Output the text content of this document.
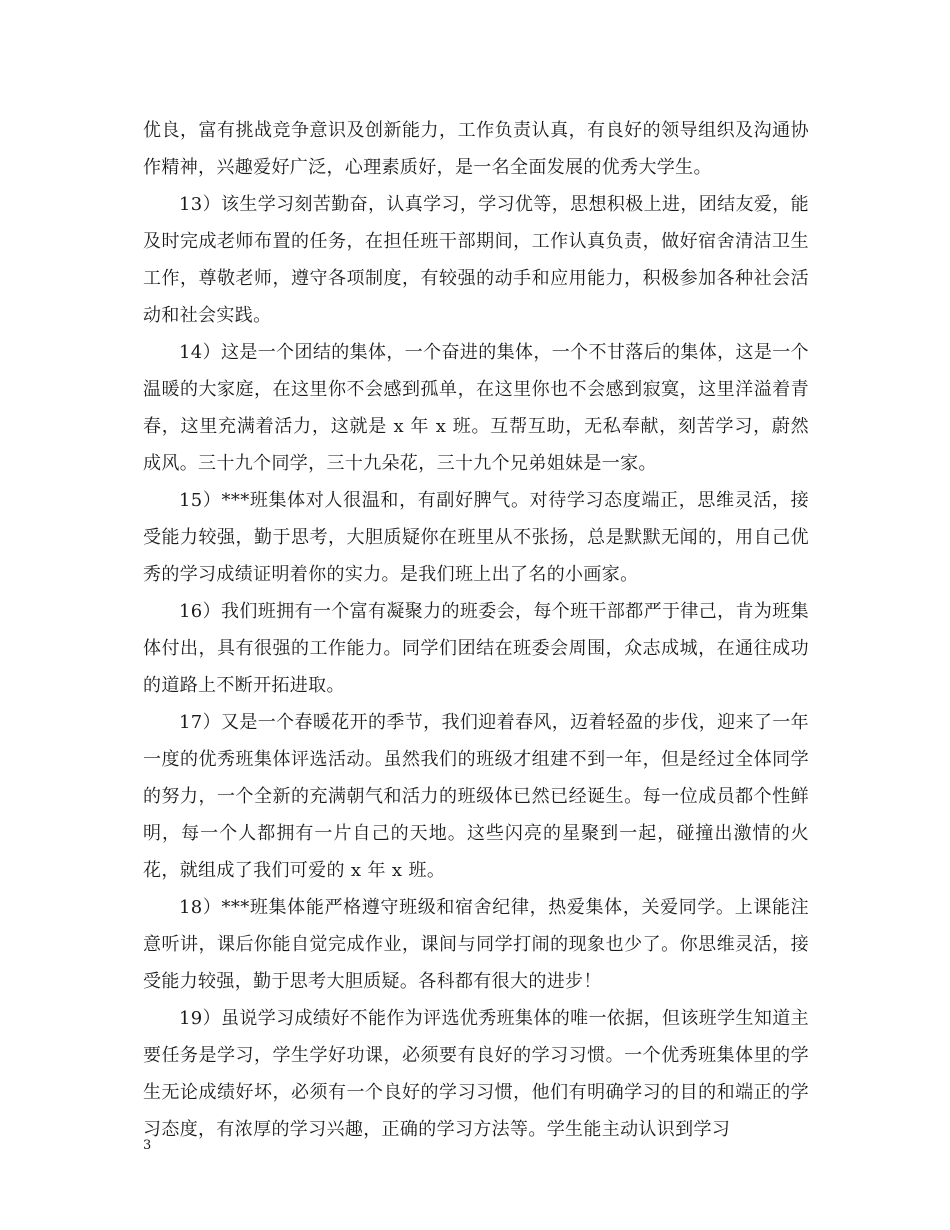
优良，富有挑战竞争意识及创新能力，工作负责认真，有良好的领导组织及沟通协作精神，兴趣爱好广泛，心理素质好，是一名全面发展的优秀大学生。

13）该生学习刻苦勤奋，认真学习，学习优等，思想积极上进，团结友爱，能及时完成老师布置的任务，在担任班干部期间，工作认真负责，做好宿舍清洁卫生工作，尊敬老师，遵守各项制度，有较强的动手和应用能力，积极参加各种社会活动和社会实践。

14）这是一个团结的集体，一个奋进的集体，一个不甘落后的集体，这是一个温暖的大家庭，在这里你不会感到孤单，在这里你也不会感到寂寞，这里洋溢着青春，这里充满着活力，这就是 x 年 x 班。互帮互助，无私奉献，刻苦学习，蔚然成风。三十九个同学，三十九朵花，三十九个兄弟姐妹是一家。

15）***班集体对人很温和，有副好脾气。对待学习态度端正，思维灵活，接受能力较强，勤于思考，大胆质疑你在班里从不张扬，总是默默无闻的，用自己优秀的学习成绩证明着你的实力。是我们班上出了名的小画家。

16）我们班拥有一个富有凝聚力的班委会，每个班干部都严于律己，肯为班集体付出，具有很强的工作能力。同学们团结在班委会周围，众志成城，在通往成功的道路上不断开拓进取。

17）又是一个春暖花开的季节，我们迎着春风，迈着轻盈的步伐，迎来了一年一度的优秀班集体评选活动。虽然我们的班级才组建不到一年，但是经过全体同学的努力，一个全新的充满朝气和活力的班级体已然已经诞生。每一位成员都个性鲜明，每一个人都拥有一片自己的天地。这些闪亮的星聚到一起，碰撞出激情的火花，就组成了我们可爱的 x 年 x 班。

18）***班集体能严格遵守班级和宿舍纪律，热爱集体，关爱同学。上课能注意听讲，课后你能自觉完成作业，课间与同学打闹的现象也少了。你思维灵活，接受能力较强，勤于思考大胆质疑。各科都有很大的进步！

19）虽说学习成绩好不能作为评选优秀班集体的唯一依据，但该班学生知道主要任务是学习，学生学好功课，必须要有良好的学习习惯。一个优秀班集体里的学生无论成绩好坏，必须有一个良好的学习习惯，他们有明确学习的目的和端正的学习态度，有浓厚的学习兴趣，正确的学习方法等。学生能主动认识到学习

3
